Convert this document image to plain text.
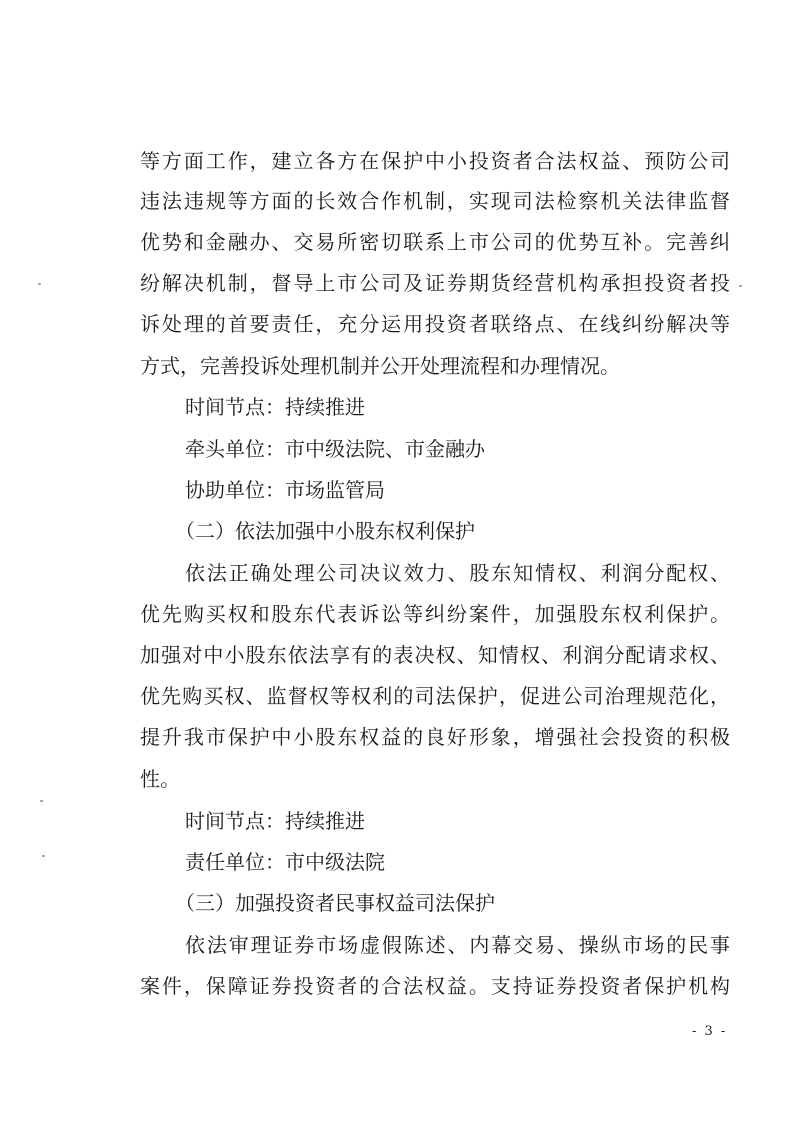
等方面工作，建立各方在保护中小投资者合法权益、预防公司
违法违规等方面的长效合作机制，实现司法检察机关法律监督
优势和金融办、交易所密切联系上市公司的优势互补。完善纠
纷解决机制，督导上市公司及证券期货经营机构承担投资者投
诉处理的首要责任，充分运用投资者联络点、在线纠纷解决等
方式，完善投诉处理机制并公开处理流程和办理情况。
时间节点：持续推进
牵头单位：市中级法院、市金融办
协助单位：市场监管局
（二）依法加强中小股东权利保护
依法正确处理公司决议效力、股东知情权、利润分配权、
优先购买权和股东代表诉讼等纠纷案件，加强股东权利保护。
加强对中小股东依法享有的表决权、知情权、利润分配请求权、
优先购买权、监督权等权利的司法保护，促进公司治理规范化，
提升我市保护中小股东权益的良好形象，增强社会投资的积极
性。
时间节点：持续推进
责任单位：市中级法院
（三）加强投资者民事权益司法保护
依法审理证券市场虚假陈述、内幕交易、操纵市场的民事
案件，保障证券投资者的合法权益。支持证券投资者保护机构
- 3 -
